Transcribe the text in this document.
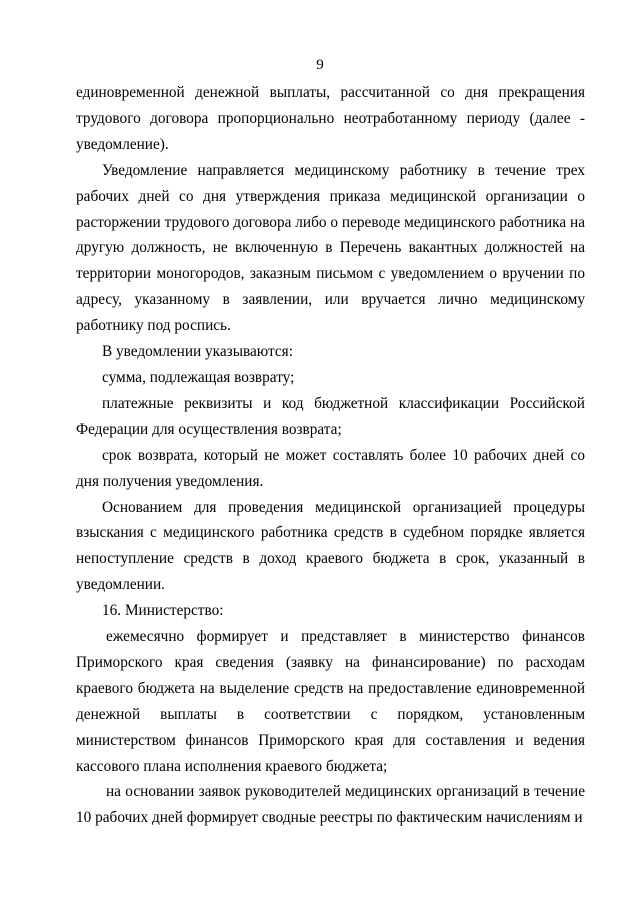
9

единовременной денежной выплаты, рассчитанной со дня прекращения трудового договора пропорционально неотработанному периоду (далее - уведомление).

Уведомление направляется медицинскому работнику в течение трех рабочих дней со дня утверждения приказа медицинской организации о расторжении трудового договора либо о переводе медицинского работника на другую должность, не включенную в Перечень вакантных должностей на территории моногородов, заказным письмом с уведомлением о вручении по адресу, указанному в заявлении, или вручается лично медицинскому работнику под роспись.

В уведомлении указываются:

сумма, подлежащая возврату;

платежные реквизиты и код бюджетной классификации Российской Федерации для осуществления возврата;

срок возврата, который не может составлять более 10 рабочих дней со дня получения уведомления.

Основанием для проведения медицинской организацией процедуры взыскания с медицинского работника средств в судебном порядке является непоступление средств в доход краевого бюджета в срок, указанный в уведомлении.

16. Министерство:

ежемесячно формирует и представляет в министерство финансов Приморского края сведения (заявку на финансирование) по расходам краевого бюджета на выделение средств на предоставление единовременной денежной выплаты в соответствии с порядком, установленным министерством финансов Приморского края для составления и ведения кассового плана исполнения краевого бюджета;

на основании заявок руководителей медицинских организаций в течение 10 рабочих дней формирует сводные реестры по фактическим начислениям и
